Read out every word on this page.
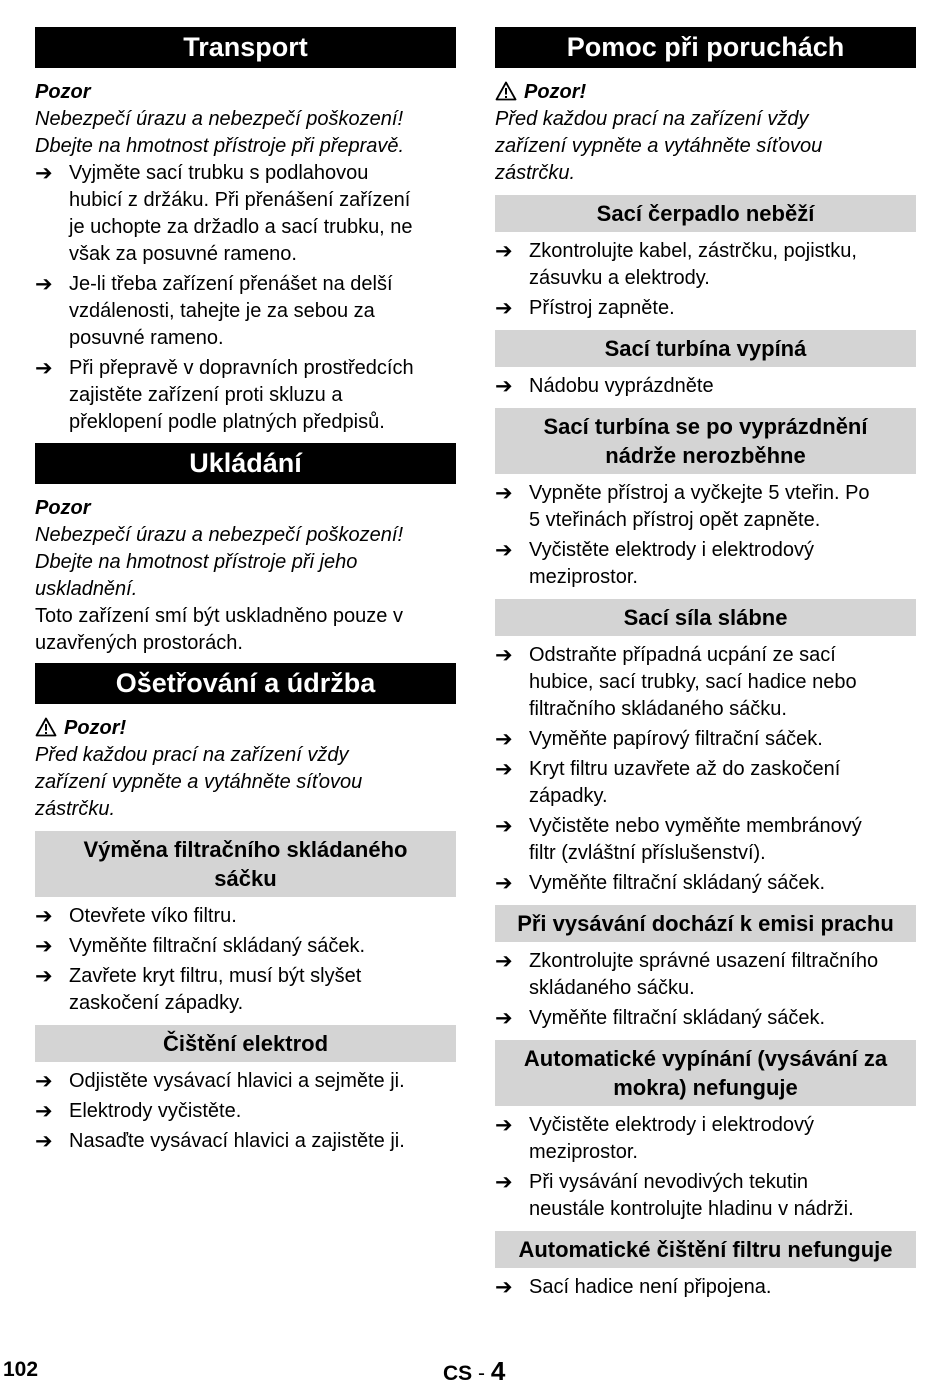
Transport
Pozor
Nebezpečí úrazu a nebezpečí poškození!
Dbejte na hmotnost přístroje při přepravě.
➔ Vyjměte sací trubku s podlahovou
hubicí z držáku. Při přenášení zařízení
je uchopte za držadlo a sací trubku, ne
však za posuvné rameno.
➔ Je-li třeba zařízení přenášet na delší
vzdálenosti, tahejte je za sebou za
posuvné rameno.
➔ Při přepravě v dopravních prostředcích
zajistěte zařízení proti skluzu a
překlopení podle platných předpisů.
Ukládání
Pozor
Nebezpečí úrazu a nebezpečí poškození!
Dbejte na hmotnost přístroje při jeho
uskladnění.
Toto zařízení smí být uskladněno pouze v
uzavřených prostorách.
Ošetřování a údržba
Pozor!
Před každou prací na zařízení vždy
zařízení vypněte a vytáhněte síťovou
zástrčku.
Výměna filtračního skládaného
sáčku
➔ Otevřete víko filtru.
➔ Vyměňte filtrační skládaný sáček.
➔ Zavřete kryt filtru, musí být slyšet
zaskočení západky.
Čištění elektrod
➔ Odjistěte vysávací hlavici a sejměte ji.
➔ Elektrody vyčistěte.
➔ Nasaďte vysávací hlavici a zajistěte ji.
Pomoc při poruchách
Pozor!
Před každou prací na zařízení vždy
zařízení vypněte a vytáhněte síťovou
zástrčku.
Sací čerpadlo neběží
➔ Zkontrolujte kabel, zástrčku, pojistku,
zásuvku a elektrody.
➔ Přístroj zapněte.
Sací turbína vypíná
➔ Nádobu vyprázdněte
Sací turbína se po vyprázdnění
nádrže nerozběhne
➔ Vypněte přístroj a vyčkejte 5 vteřin. Po
5 vteřinách přístroj opět zapněte.
➔ Vyčistěte elektrody i elektrodový
meziprostor.
Sací síla slábne
➔ Odstraňte případná ucpání ze sací
hubice, sací trubky, sací hadice nebo
filtračního skládaného sáčku.
➔ Vyměňte papírový filtrační sáček.
➔ Kryt filtru uzavřete až do zaskočení
západky.
➔ Vyčistěte nebo vyměňte membránový
filtr (zvláštní příslušenství).
➔ Vyměňte filtrační skládaný sáček.
Při vysávání dochází k emisi prachu
➔ Zkontrolujte správné usazení filtračního
skládaného sáčku.
➔ Vyměňte filtrační skládaný sáček.
Automatické vypínání (vysávání za
mokra) nefunguje
➔ Vyčistěte elektrody i elektrodový
meziprostor.
➔ Při vysávání nevodivých tekutin
neustále kontrolujte hladinu v nádrži.
Automatické čištění filtru nefunguje
➔ Sací hadice není připojena.
102	CS - 4
